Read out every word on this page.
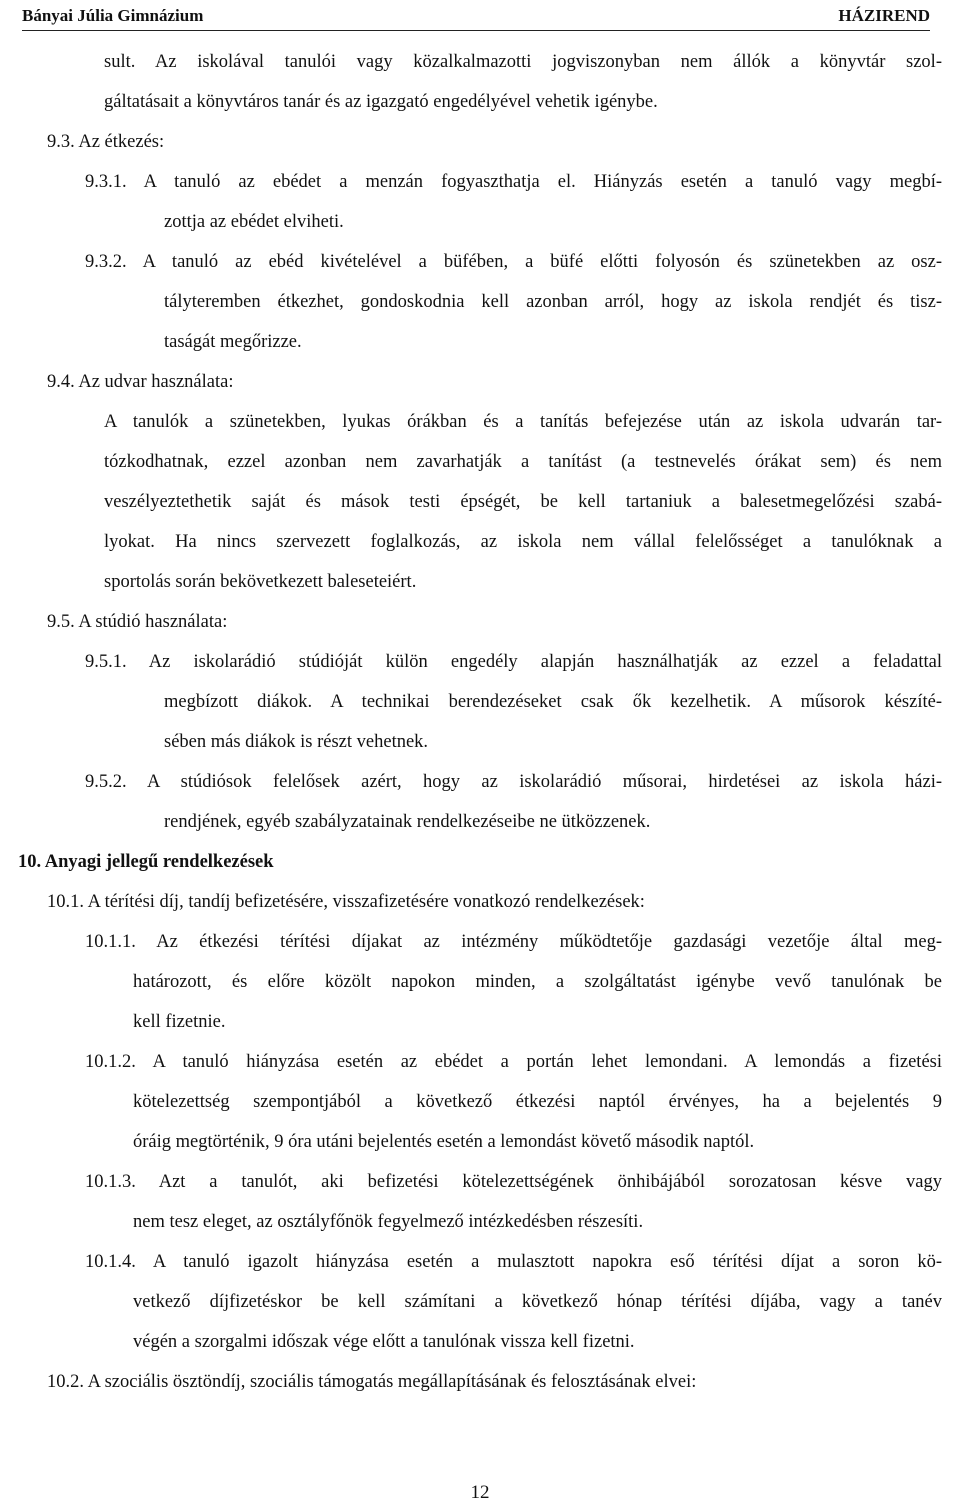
Bányai Júlia Gimnázium	HÁZIREND
sult. Az iskolával tanulói vagy közalkalmazotti jogviszonyban nem állók a könyvtár szol-
gáltatásait a könyvtáros tanár és az igazgató engedélyével vehetik igénybe.
9.3. Az étkezés:
9.3.1. A tanuló az ebédet a menzán fogyaszthatja el. Hiányzás esetén a tanuló vagy megbí-
zottja az ebédet elviheti.
9.3.2. A tanuló az ebéd kivételével a büfében, a büfé előtti folyosón és szünetekben az osz-
tályteremben étkezhet, gondoskodnia kell azonban arról, hogy az iskola rendjét és tisz-
taságát megőrizze.
9.4. Az udvar használata:
A tanulók a szünetekben, lyukas órákban és a tanítás befejezése után az iskola udvarán tar-
tózkodhatnak, ezzel azonban nem zavarhatják a tanítást (a testnevelés órákat sem) és nem
veszélyeztethetik saját és mások testi épségét, be kell tartaniuk a balesetmegelőzési szabá-
lyokat. Ha nincs szervezett foglalkozás, az iskola nem vállal felelősséget a tanulóknak a
sportolás során bekövetkezett baleseteiért.
9.5. A stúdió használata:
9.5.1. Az iskolarádió stúdióját külön engedély alapján használhatják az ezzel a feladattal
megbízott diákok. A technikai berendezéseket csak ők kezelhetik. A műsorok készíté-
sében más diákok is részt vehetnek.
9.5.2. A stúdiósok felelősek azért, hogy az iskolarádió műsorai, hirdetései az iskola házi-
rendjének, egyéb szabályzatainak rendelkezéseibe ne ütközzenek.
10. Anyagi jellegű rendelkezések
10.1. A térítési díj, tandíj befizetésére, visszafizetésére vonatkozó rendelkezések:
10.1.1. Az étkezési térítési díjakat az intézmény működtetője gazdasági vezetője által meg-
határozott, és előre közölt napokon minden, a szolgáltatást igénybe vevő tanulónak be
kell fizetnie.
10.1.2. A tanuló hiányzása esetén az ebédet a portán lehet lemondani. A lemondás a fizetési
kötelezettség szempontjából a következő étkezési naptól érvényes, ha a bejelentés 9
óráig megtörténik, 9 óra utáni bejelentés esetén a lemondást követő második naptól.
10.1.3. Azt a tanulót, aki befizetési kötelezettségének önhibájából sorozatosan késve vagy
nem tesz eleget, az osztályfőnök fegyelmező intézkedésben részesíti.
10.1.4. A tanuló igazolt hiányzása esetén a mulasztott napokra eső térítési díjat a soron kö-
vetkező díjfizetéskor be kell számítani a következő hónap térítési díjába, vagy a tanév
végén a szorgalmi időszak vége előtt a tanulónak vissza kell fizetni.
10.2. A szociális ösztöndíj, szociális támogatás megállapításának és felosztásának elvei:
12
